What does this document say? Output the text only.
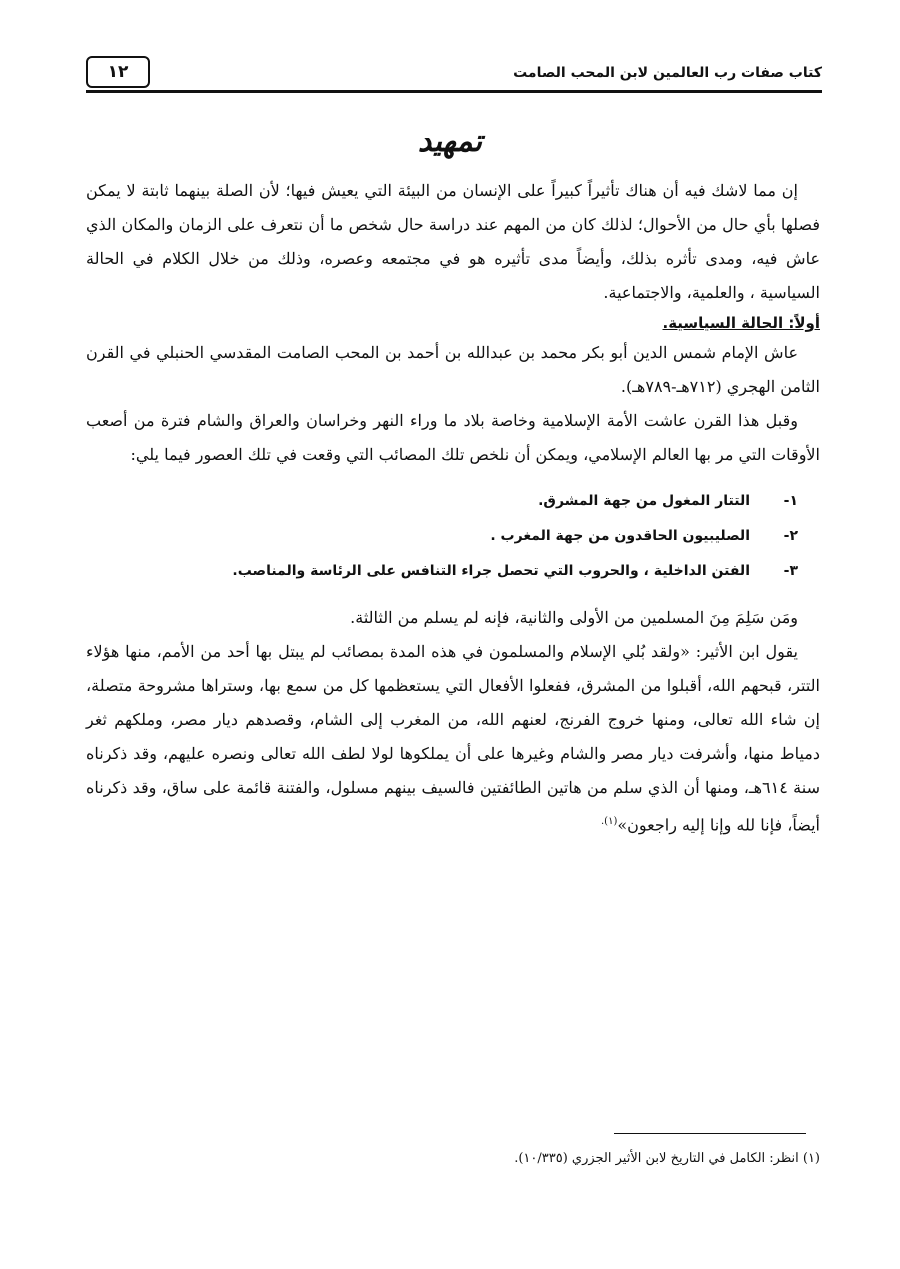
١٢	كتاب صفات رب العالمين لابن المحب الصامت
تمهيد

إن مما لاشك فيه أن هناك تأثيراً كبيراً على الإنسان من البيئة التي يعيش فيها؛ لأن الصلة بينهما ثابتة لا يمكن فصلها بأي حال من الأحوال؛ لذلك كان من المهم عند دراسة حال شخص ما أن نتعرف على الزمان والمكان الذي عاش فيه، ومدى تأثره بذلك، وأيضاً مدى تأثيره هو في مجتمعه وعصره، وذلك من خلال الكلام في الحالة السياسية ، والعلمية، والاجتماعية.

أولاً: الحالة السياسية.

عاش الإمام شمس الدين أبو بكر محمد بن عبدالله بن أحمد بن المحب الصامت المقدسي الحنبلي في القرن الثامن الهجري (٧١٢هـ-٧٨٩هـ).

وقبل هذا القرن عاشت الأمة الإسلامية وخاصة بلاد ما وراء النهر وخراسان والعراق والشام فترة من أصعب الأوقات التي مر بها العالم الإسلامي، ويمكن أن نلخص تلك المصائب التي وقعت في تلك العصور فيما يلي:

١-التتار المغول من جهة المشرق.
٢-الصليبيون الحاقدون من جهة المغرب .
٣-الفتن الداخلية ، والحروب التي تحصل جراء التنافس على الرئاسة والمناصب.

ومَن سَلِمَ مِنَ المسلمين من الأولى والثانية، فإنه لم يسلم من الثالثة.

يقول ابن الأثير: «ولقد بُلي الإسلام والمسلمون في هذه المدة بمصائب لم يبتل بها أحد من الأمم، منها هؤلاء التتر، قبحهم الله، أقبلوا من المشرق، ففعلوا الأفعال التي يستعظمها كل من سمع بها، وستراها مشروحة متصلة، إن شاء الله تعالى، ومنها خروج الفرنج، لعنهم الله، من المغرب إلى الشام، وقصدهم ديار مصر، وملكهم ثغر دمياط منها، وأشرفت ديار مصر والشام وغيرها على أن يملكوها لولا لطف الله تعالى ونصره عليهم، وقد ذكرناه سنة ٦١٤هـ، ومنها أن الذي سلم من هاتين الطائفتين فالسيف بينهم مسلول، والفتنة قائمة على ساق، وقد ذكرناه أيضاً، فإنا لله وإنا إليه راجعون»$^{(١).}$

(١) انظر: الكامل في التاريخ لابن الأثير الجزري (١٠/٣٣٥).
